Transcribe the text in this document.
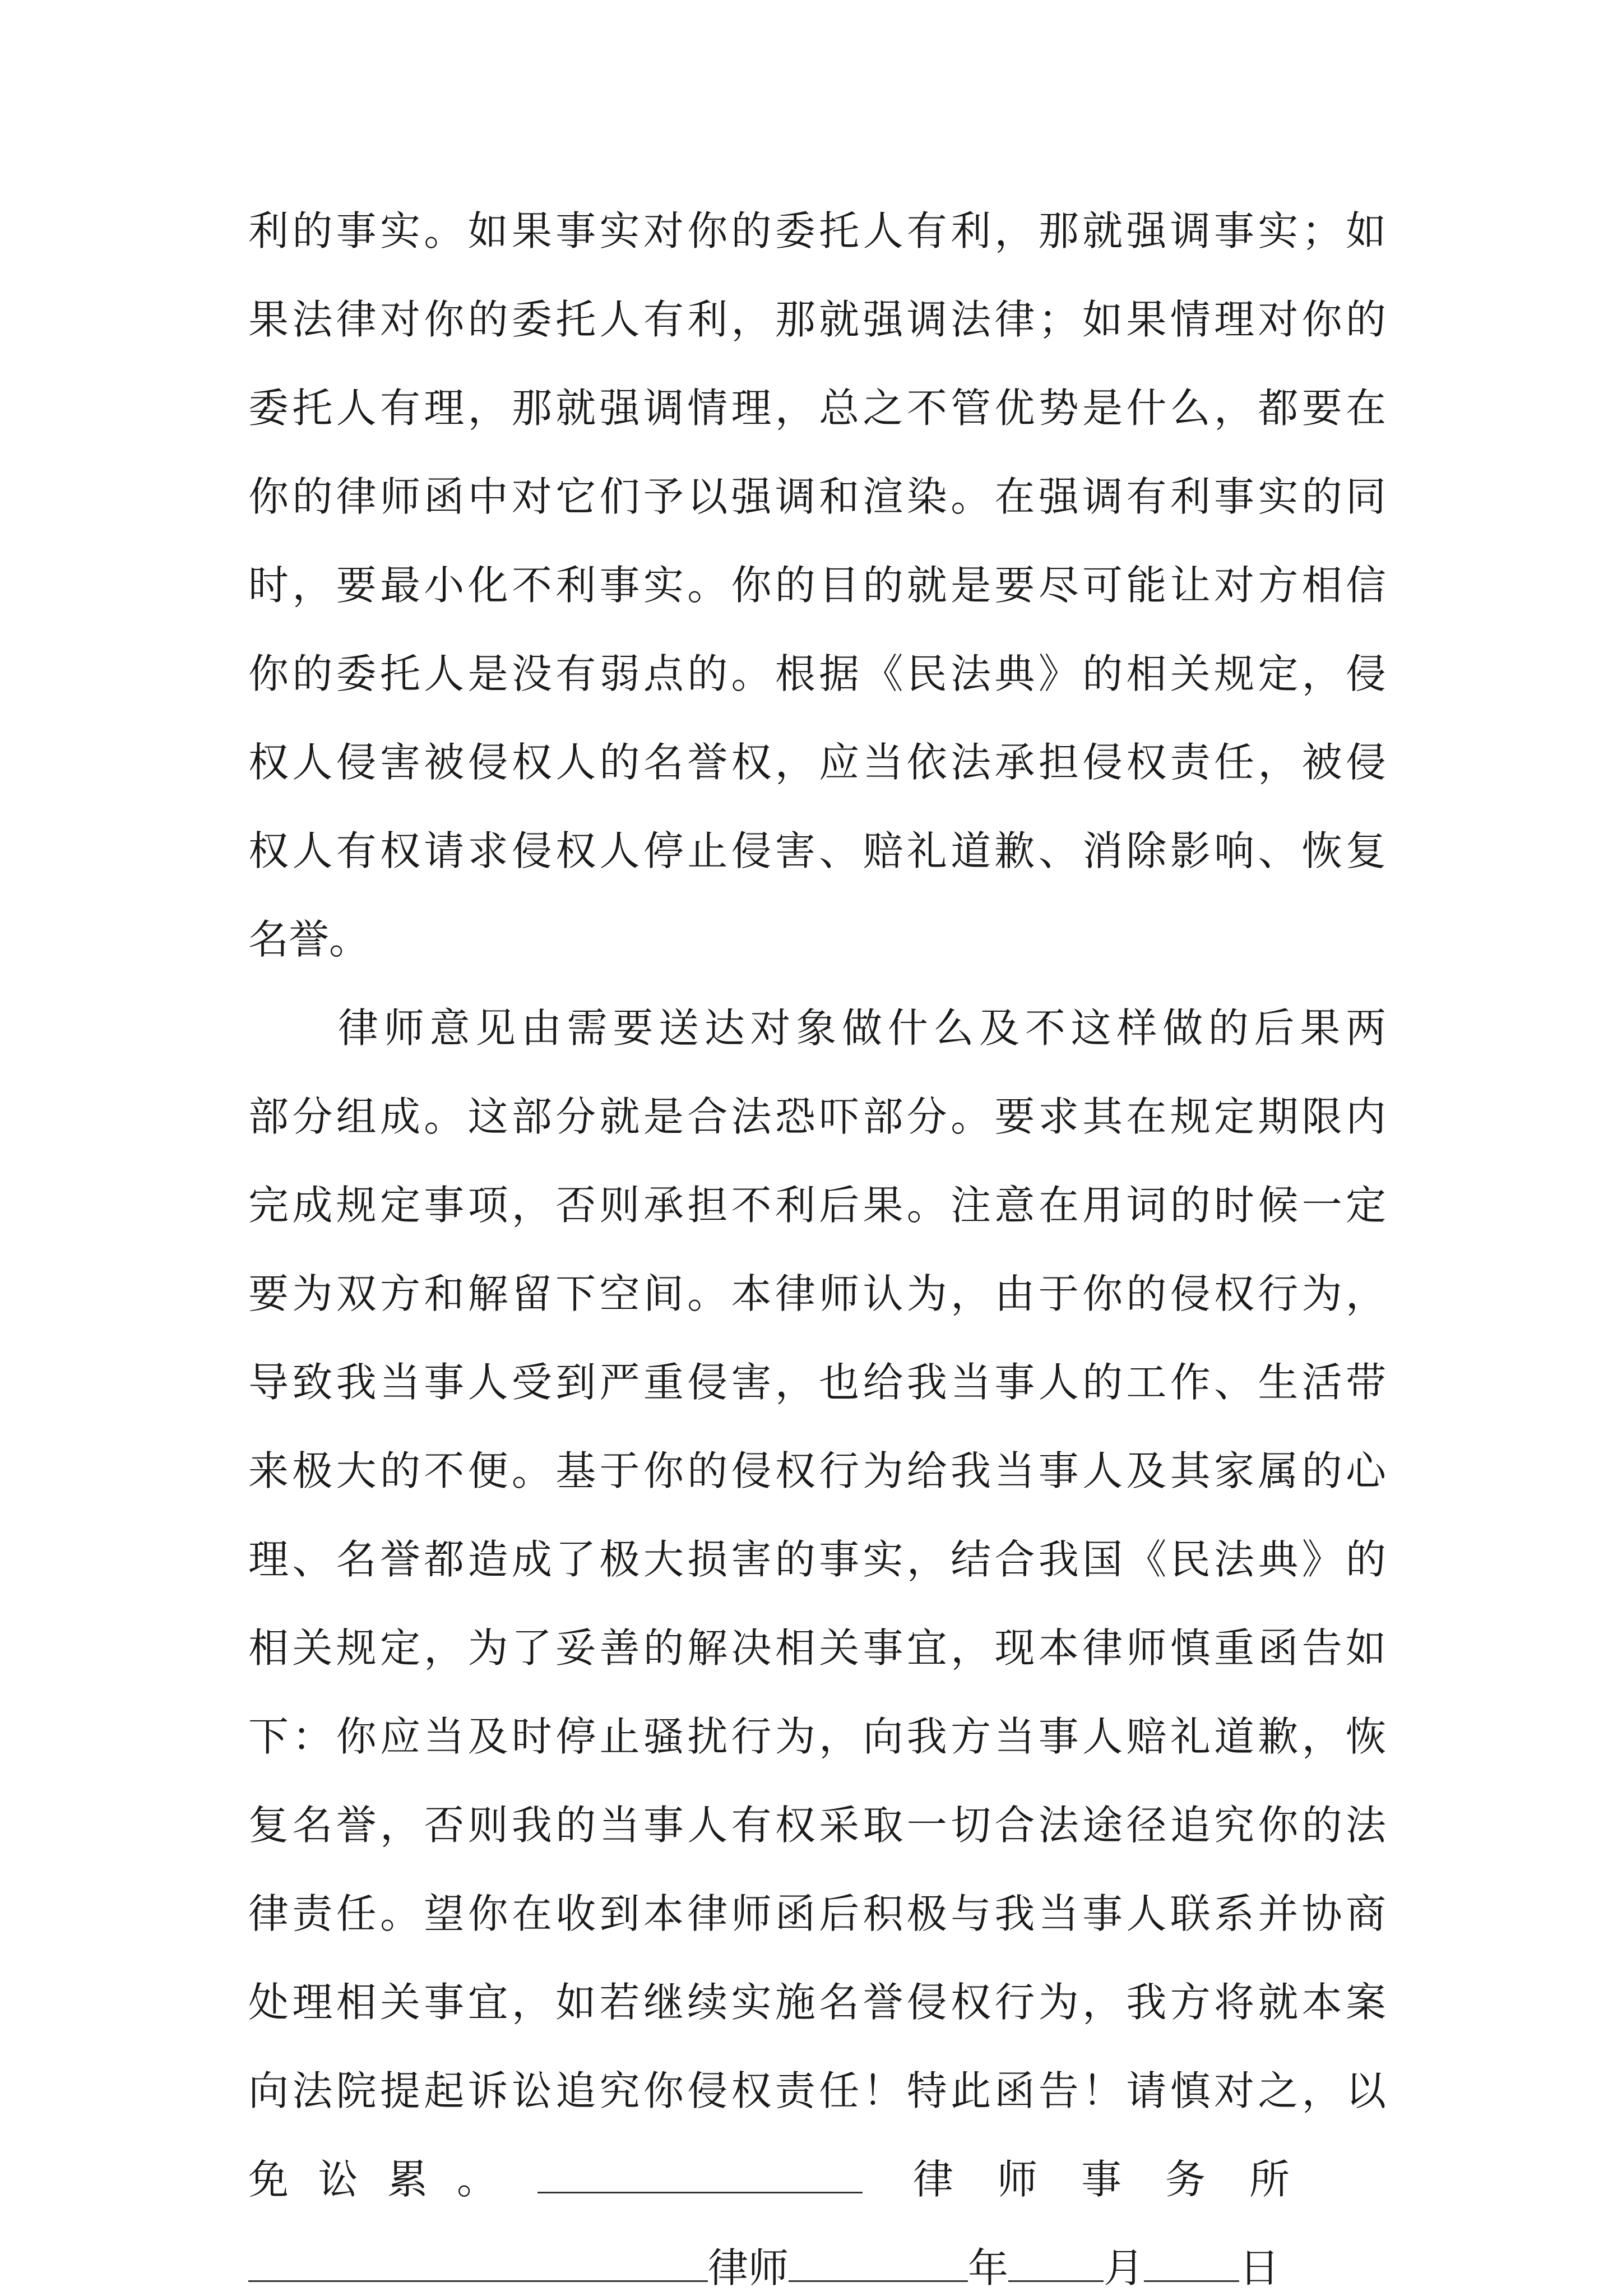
利的事实。如果事实对你的委托人有利，那就强调事实；如
果法律对你的委托人有利，那就强调法律；如果情理对你的
委托人有理，那就强调情理，总之不管优势是什么，都要在
你的律师函中对它们予以强调和渲染。在强调有利事实的同
时，要最小化不利事实。你的目的就是要尽可能让对方相信
你的委托人是没有弱点的。根据《民法典》的相关规定，侵
权人侵害被侵权人的名誉权，应当依法承担侵权责任，被侵
权人有权请求侵权人停止侵害、赔礼道歉、消除影响、恢复
名誉。
律师意见由需要送达对象做什么及不这样做的后果两
部分组成。这部分就是合法恐吓部分。要求其在规定期限内
完成规定事项，否则承担不利后果。注意在用词的时候一定
要为双方和解留下空间。本律师认为，由于你的侵权行为，
导致我当事人受到严重侵害，也给我当事人的工作、生活带
来极大的不便。基于你的侵权行为给我当事人及其家属的心
理、名誉都造成了极大损害的事实，结合我国《民法典》的
相关规定，为了妥善的解决相关事宜，现本律师慎重函告如
下：你应当及时停止骚扰行为，向我方当事人赔礼道歉，恢
复名誉，否则我的当事人有权采取一切合法途径追究你的法
律责任。望你在收到本律师函后积极与我当事人联系并协商
处理相关事宜，如若继续实施名誉侵权行为，我方将就本案
向法院提起诉讼追究你侵权责任！特此函告！请慎对之，以
免讼累。	律师事务所
律师	年 月 日
